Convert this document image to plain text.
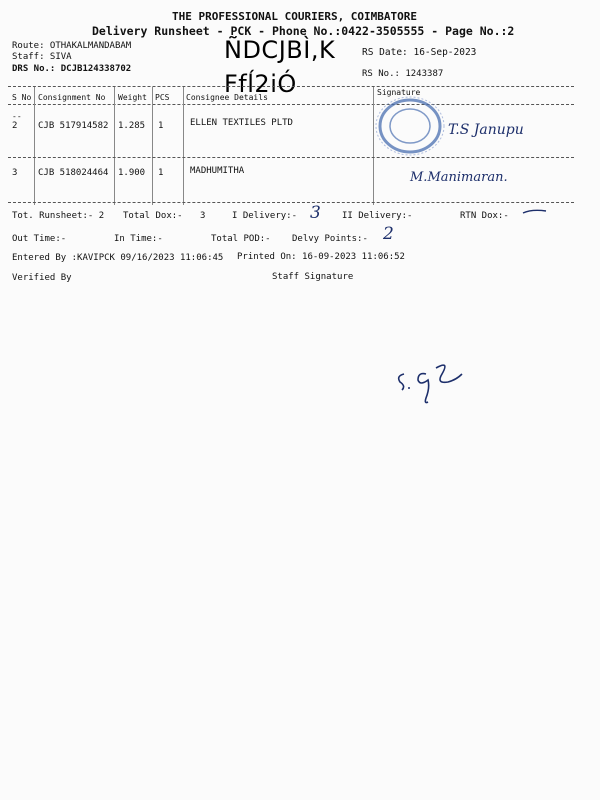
THE PROFESSIONAL COURIERS, COIMBATORE
Delivery Runsheet - PCK - Phone No.:0422-3505555 - Page No.:2
Route: OTHAKALMANDABAM
Staff: SIVA
DRS No.: DCJB124338702
ÑDCJBÌ,K
Ffĺ2iÓ
RS Date: 16-Sep-2023
RS No.: 1243387
S No Consignment No Weight PCS Consignee Details
Signature
--
2 CJB 517914582 1.285 1	ELLEN TEXTILES PLTD	T.S Janupu
3 CJB 518024464 1.900 1	MADHUMITHA	M.Manimaran.
Tot. Runsheet:- 2 Total Dox:- 3	I Delivery:- 3 II Delivery:-	RTN Dox:-
Out Time:-	In Time:-	Total POD:- Delvy Points:- 2
Entered By :KAVIPCK 09/16/2023 11:06:45 Printed On: 16-09-2023 11:06:52
Verified By	Staff Signature
